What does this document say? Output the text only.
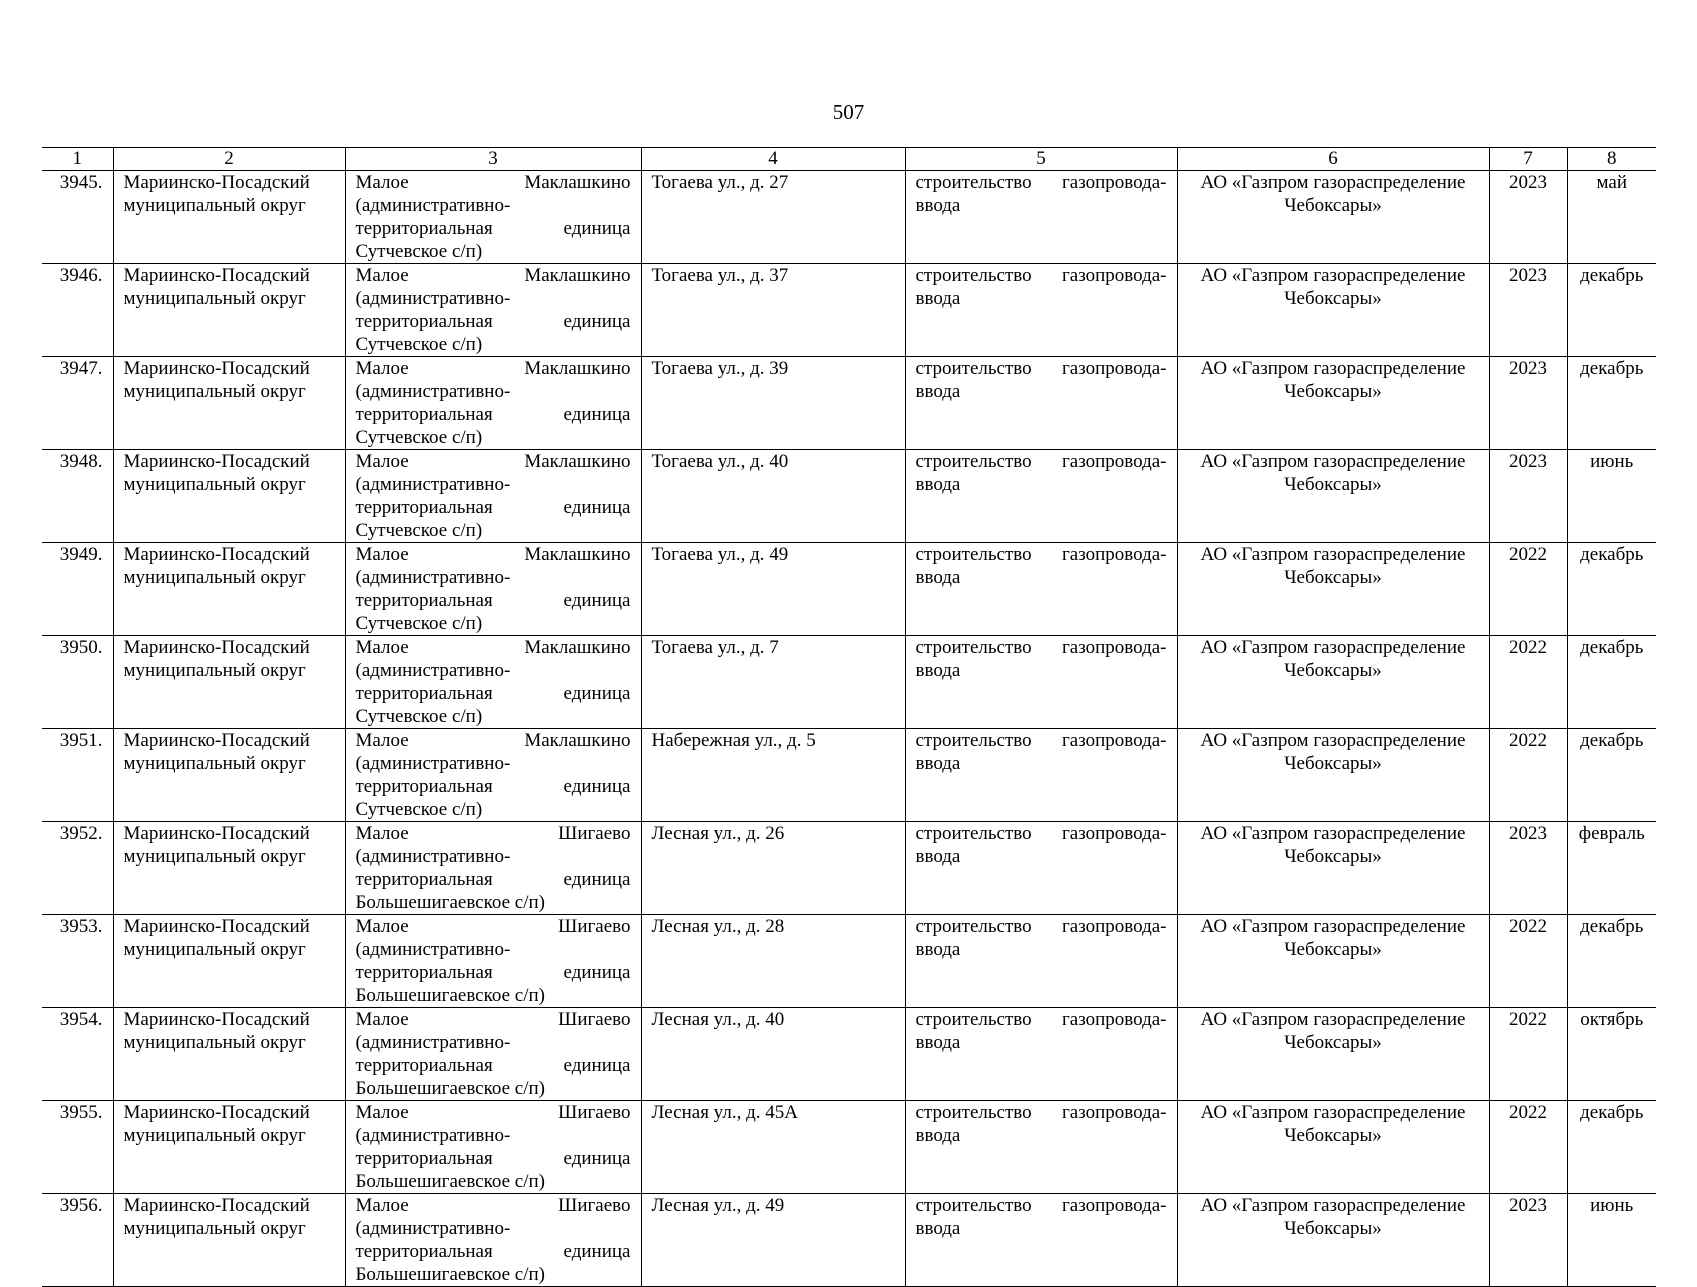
507
1	2	3	4	5	6	7	8
3945.	Мариинско-Посадский муниципальный округ	Малое Маклашкино (административно-территориальная единица Сутчевское с/п)	Тогаева ул., д. 27	строительство газопровода-ввода	АО «Газпром газораспределение Чебоксары»	2023	май
3946.	Мариинско-Посадский муниципальный округ	Малое Маклашкино (административно-территориальная единица Сутчевское с/п)	Тогаева ул., д. 37	строительство газопровода-ввода	АО «Газпром газораспределение Чебоксары»	2023	декабрь
3947.	Мариинско-Посадский муниципальный округ	Малое Маклашкино (административно-территориальная единица Сутчевское с/п)	Тогаева ул., д. 39	строительство газопровода-ввода	АО «Газпром газораспределение Чебоксары»	2023	декабрь
3948.	Мариинско-Посадский муниципальный округ	Малое Маклашкино (административно-территориальная единица Сутчевское с/п)	Тогаева ул., д. 40	строительство газопровода-ввода	АО «Газпром газораспределение Чебоксары»	2023	июнь
3949.	Мариинско-Посадский муниципальный округ	Малое Маклашкино (административно-территориальная единица Сутчевское с/п)	Тогаева ул., д. 49	строительство газопровода-ввода	АО «Газпром газораспределение Чебоксары»	2022	декабрь
3950.	Мариинско-Посадский муниципальный округ	Малое Маклашкино (административно-территориальная единица Сутчевское с/п)	Тогаева ул., д. 7	строительство газопровода-ввода	АО «Газпром газораспределение Чебоксары»	2022	декабрь
3951.	Мариинско-Посадский муниципальный округ	Малое Маклашкино (административно-территориальная единица Сутчевское с/п)	Набережная ул., д. 5	строительство газопровода-ввода	АО «Газпром газораспределение Чебоксары»	2022	декабрь
3952.	Мариинско-Посадский муниципальный округ	Малое Шигаево (административно-территориальная единица Большешигаевское с/п)	Лесная ул., д. 26	строительство газопровода-ввода	АО «Газпром газораспределение Чебоксары»	2023	февраль
3953.	Мариинско-Посадский муниципальный округ	Малое Шигаево (административно-территориальная единица Большешигаевское с/п)	Лесная ул., д. 28	строительство газопровода-ввода	АО «Газпром газораспределение Чебоксары»	2022	декабрь
3954.	Мариинско-Посадский муниципальный округ	Малое Шигаево (административно-территориальная единица Большешигаевское с/п)	Лесная ул., д. 40	строительство газопровода-ввода	АО «Газпром газораспределение Чебоксары»	2022	октябрь
3955.	Мариинско-Посадский муниципальный округ	Малое Шигаево (административно-территориальная единица Большешигаевское с/п)	Лесная ул., д. 45А	строительство газопровода-ввода	АО «Газпром газораспределение Чебоксары»	2022	декабрь
3956.	Мариинско-Посадский муниципальный округ	Малое Шигаево (административно-территориальная единица Большешигаевское с/п)	Лесная ул., д. 49	строительство газопровода-ввода	АО «Газпром газораспределение Чебоксары»	2023	июнь
